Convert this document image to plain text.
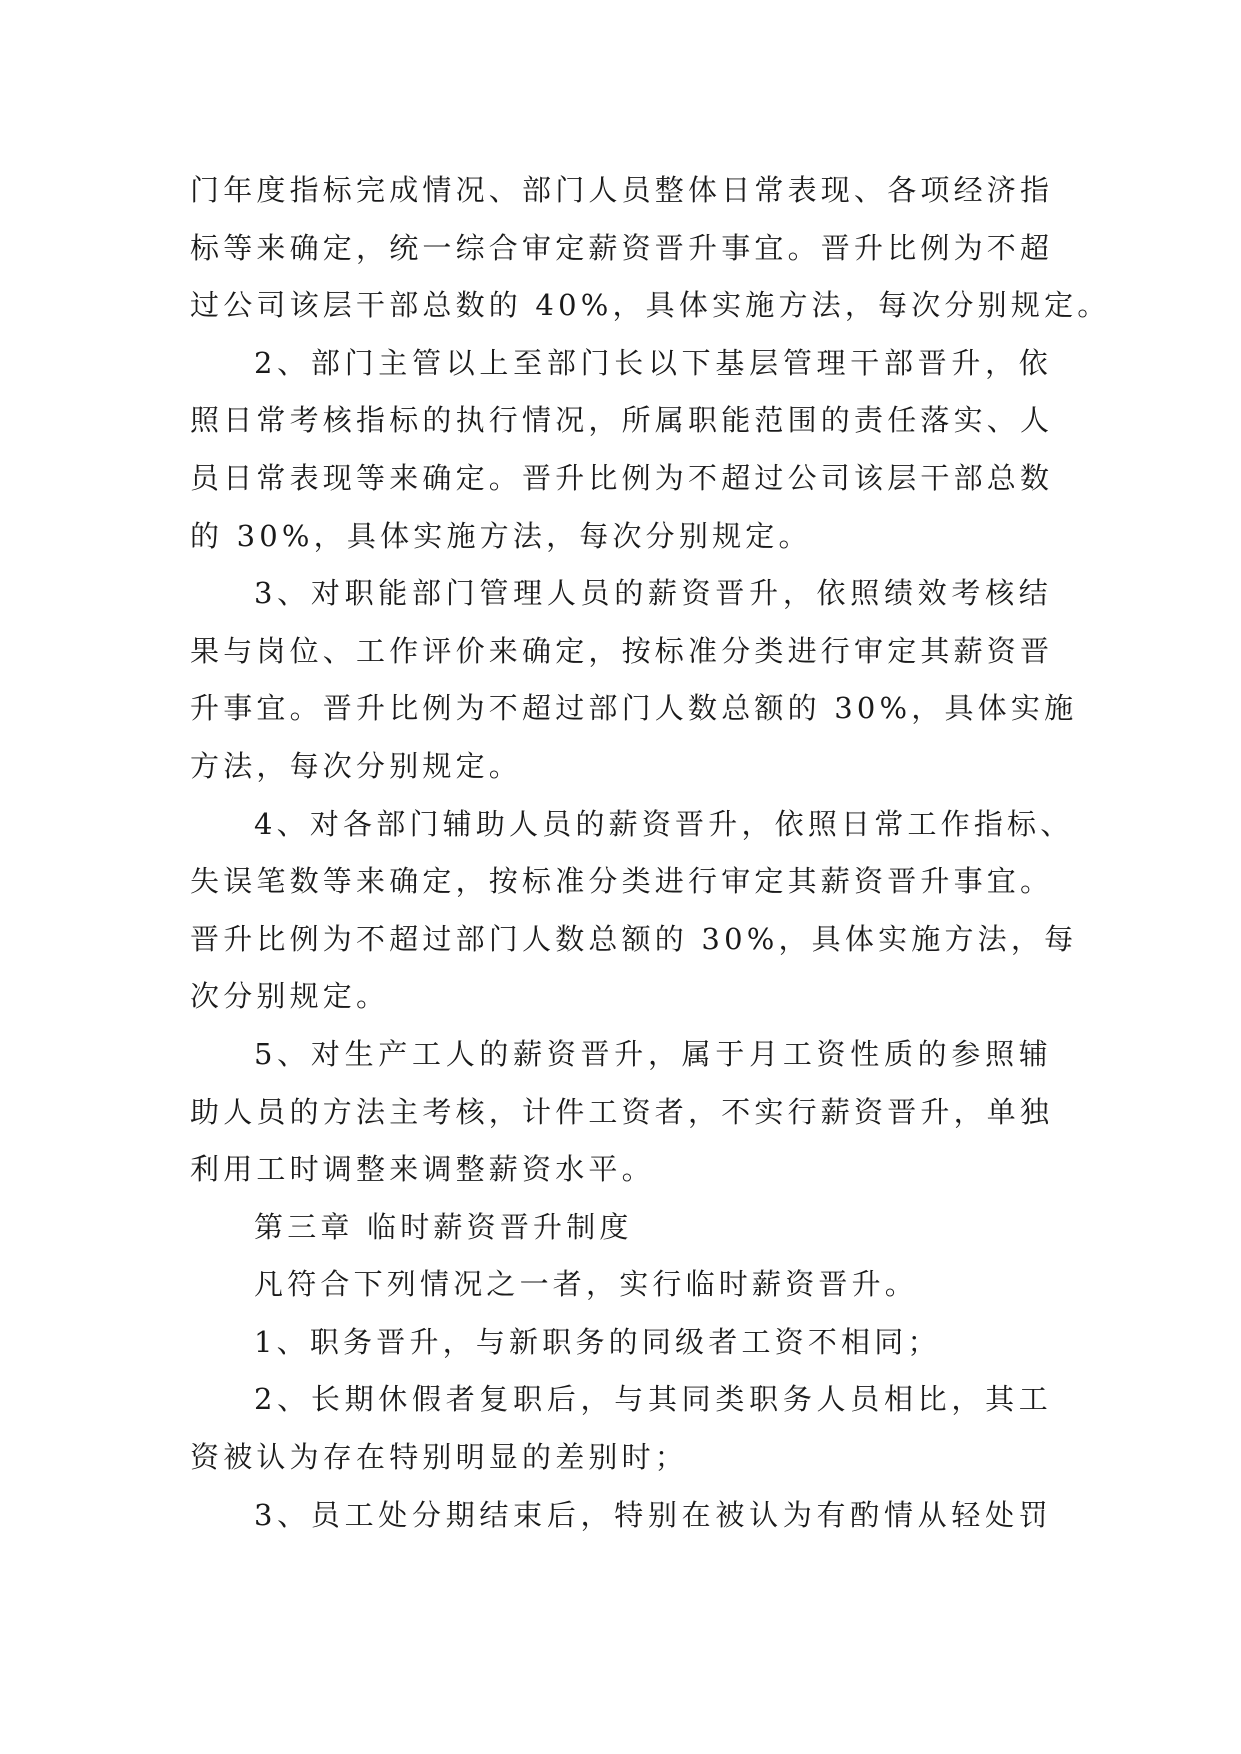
门年度指标完成情况、部门人员整体日常表现、各项经济指
标等来确定，统一综合审定薪资晋升事宜。晋升比例为不超
过公司该层干部总数的 40%，具体实施方法，每次分别规定。
2、部门主管以上至部门长以下基层管理干部晋升，依
照日常考核指标的执行情况，所属职能范围的责任落实、人
员日常表现等来确定。晋升比例为不超过公司该层干部总数
的 30%，具体实施方法，每次分别规定。
3、对职能部门管理人员的薪资晋升，依照绩效考核结
果与岗位、工作评价来确定，按标准分类进行审定其薪资晋
升事宜。晋升比例为不超过部门人数总额的 30%，具体实施
方法，每次分别规定。
4、对各部门辅助人员的薪资晋升，依照日常工作指标、
失误笔数等来确定，按标准分类进行审定其薪资晋升事宜。
晋升比例为不超过部门人数总额的 30%，具体实施方法，每
次分别规定。
5、对生产工人的薪资晋升，属于月工资性质的参照辅
助人员的方法主考核，计件工资者，不实行薪资晋升，单独
利用工时调整来调整薪资水平。
第三章 临时薪资晋升制度
凡符合下列情况之一者，实行临时薪资晋升。
1、职务晋升，与新职务的同级者工资不相同；
2、长期休假者复职后，与其同类职务人员相比，其工
资被认为存在特别明显的差别时；
3、员工处分期结束后，特别在被认为有酌情从轻处罚
